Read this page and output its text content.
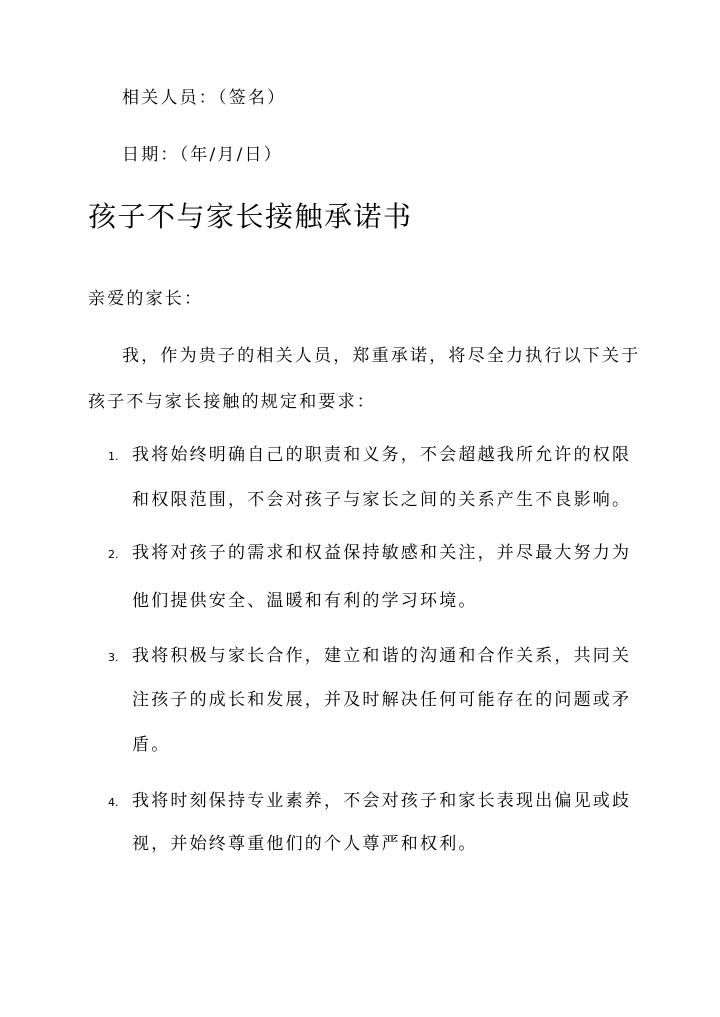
相关人员：（签名）
日期：（年/月/日）
孩子不与家长接触承诺书
亲爱的家长：
我，作为贵子的相关人员，郑重承诺，将尽全力执行以下关于
孩子不与家长接触的规定和要求：
1. 我将始终明确自己的职责和义务，不会超越我所允许的权限
和权限范围，不会对孩子与家长之间的关系产生不良影响。
2. 我将对孩子的需求和权益保持敏感和关注，并尽最大努力为
他们提供安全、温暖和有利的学习环境。
3. 我将积极与家长合作，建立和谐的沟通和合作关系，共同关
注孩子的成长和发展，并及时解决任何可能存在的问题或矛
盾。
4. 我将时刻保持专业素养，不会对孩子和家长表现出偏见或歧
视，并始终尊重他们的个人尊严和权利。
